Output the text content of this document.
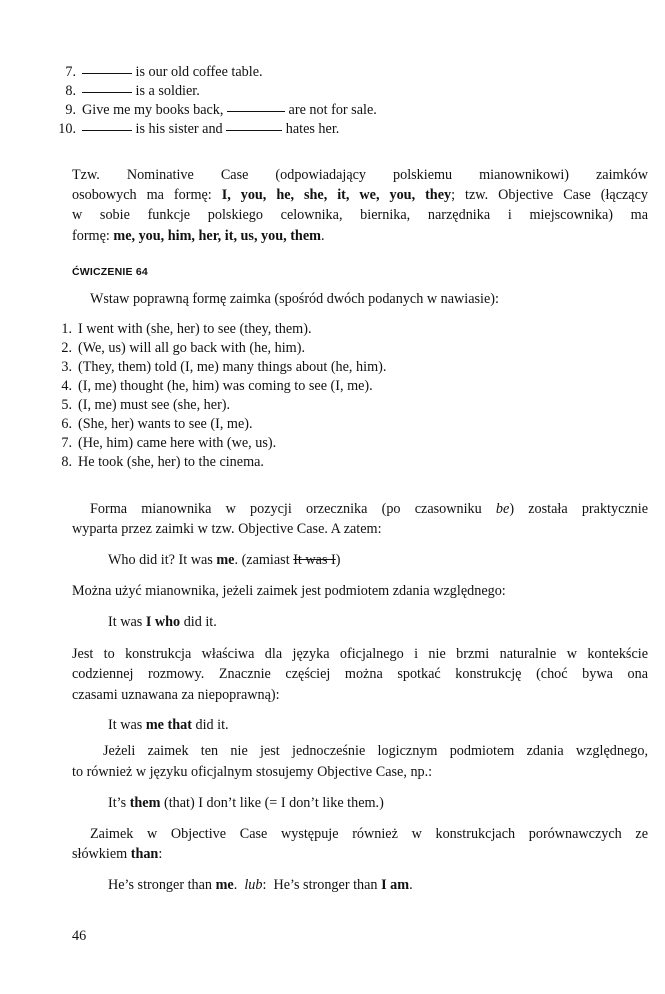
7.	is our old coffee table.
8.	is a soldier.
9. Give me my books back,	are not for sale.
10.	is his sister and	hates her.
Tzw. Nominative Case (odpowiadający polskiemu mianownikowi) zaimków
osobowych ma formę: I, you, he, she, it, we, you, they; tzw. Objective Case (łączący
w sobie funkcje polskiego celownika, biernika, narzędnika i miejscownika) ma
formę: me, you, him, her, it, us, you, them.
ĆWICZENIE 64
Wstaw poprawną formę zaimka (spośród dwóch podanych w nawiasie):
1. I went with (she, her) to see (they, them).
2. (We, us) will all go back with (he, him).
3. (They, them) told (I, me) many things about (he, him).
4. (I, me) thought (he, him) was coming to see (I, me).
5. (I, me) must see (she, her).
6. (She, her) wants to see (I, me).
7. (He, him) came here with (we, us).
8. He took (she, her) to the cinema.
Forma mianownika w pozycji orzecznika (po czasowniku be) została praktycznie
wyparta przez zaimki w tzw. Objective Case. A zatem:
Who did it? It was me. (zamiast It was I)
Można użyć mianownika, jeżeli zaimek jest podmiotem zdania względnego:
It was I who did it.
Jest to konstrukcja właściwa dla języka oficjalnego i nie brzmi naturalnie w kontekście
codziennej rozmowy. Znacznie częściej można spotkać konstrukcję (choć bywa ona
czasami uznawana za niepoprawną):
It was me that did it.
Jeżeli zaimek ten nie jest jednocześnie logicznym podmiotem zdania względnego,
to również w języku oficjalnym stosujemy Objective Case, np.:
It’s them (that) I don’t like (= I don’t like them.)
Zaimek w Objective Case występuje również w konstrukcjach porównawczych ze
słówkiem than:
He’s stronger than me. lub:  He’s stronger than I am.
46
